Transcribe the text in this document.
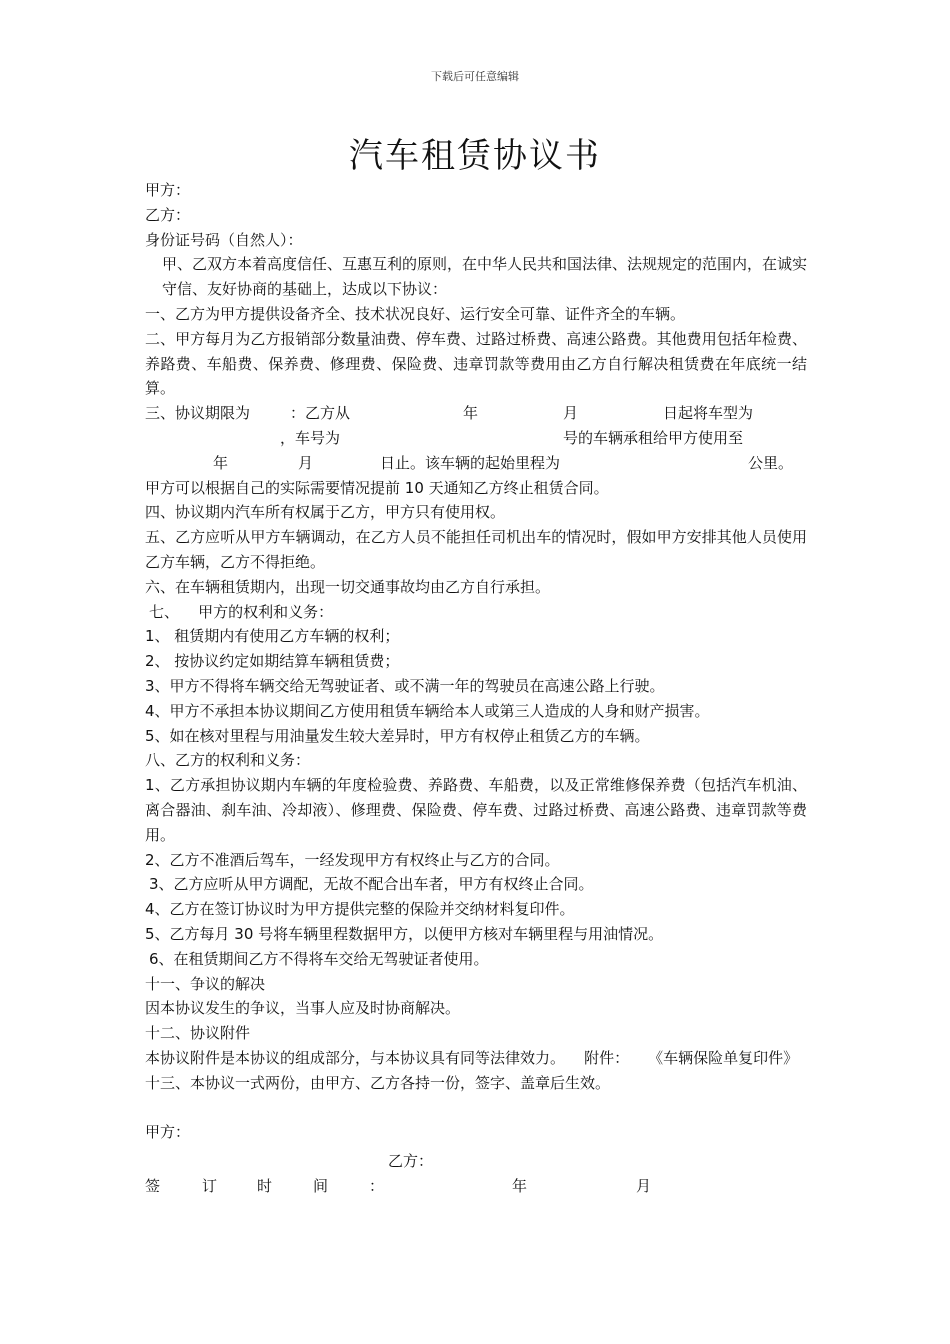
下载后可任意编辑
汽车租赁协议书

甲方：

乙方：

身份证号码（自然人）：

甲、乙双方本着高度信任、互惠互利的原则，在中华人民共和国法律、法规规定的范围内，在诚实守信、友好协商的基础上，达成以下协议：

一、乙方为甲方提供设备齐全、技术状况良好、运行安全可靠、证件齐全的车辆。

二、甲方每月为乙方报销部分数量油费、停车费、过路过桥费、高速公路费。其他费用包括年检费、养路费、车船费、保养费、修理费、保险费、违章罚款等费用由乙方自行解决租赁费在年底统一结算。

三、协议期限为	：乙方从	年	月	日起将车型为
，车号为	号的车辆承租给甲方使用至
年	月	日止。该车辆的起始里程为	公里。

甲方可以根据自己的实际需要情况提前 10 天通知乙方终止租赁合同。

四、协议期内汽车所有权属于乙方，甲方只有使用权。

五、乙方应听从甲方车辆调动，在乙方人员不能担任司机出车的情况时，假如甲方安排其他人员使用乙方车辆，乙方不得拒绝。

六、在车辆租赁期内，出现一切交通事故均由乙方自行承担。

七、    甲方的权利和义务：

1、 租赁期内有使用乙方车辆的权利；

2、 按协议约定如期结算车辆租赁费；

3、甲方不得将车辆交给无驾驶证者、或不满一年的驾驶员在高速公路上行驶。

4、甲方不承担本协议期间乙方使用租赁车辆给本人或第三人造成的人身和财产损害。

5、如在核对里程与用油量发生较大差异时，甲方有权停止租赁乙方的车辆。

八、乙方的权利和义务：

1、乙方承担协议期内车辆的年度检验费、养路费、车船费，以及正常维修保养费（包括汽车机油、离合器油、刹车油、冷却液）、修理费、保险费、停车费、过路过桥费、高速公路费、违章罚款等费用。

2、乙方不准酒后驾车，一经发现甲方有权终止与乙方的合同。

3、乙方应听从甲方调配，无故不配合出车者，甲方有权终止合同。

4、乙方在签订协议时为甲方提供完整的保险并交纳材料复印件。

5、乙方每月 30 号将车辆里程数据甲方，以便甲方核对车辆里程与用油情况。

6、在租赁期间乙方不得将车交给无驾驶证者使用。

十一、争议的解决

因本协议发生的争议，当事人应及时协商解决。

十二、协议附件

本协议附件是本协议的组成部分，与本协议具有同等法律效力。    附件：    《车辆保险单复印件》

十三、本协议一式两份，由甲方、乙方各持一份，签字、盖章后生效。

甲方：

乙方：

签	订	时	间	：	年	月
